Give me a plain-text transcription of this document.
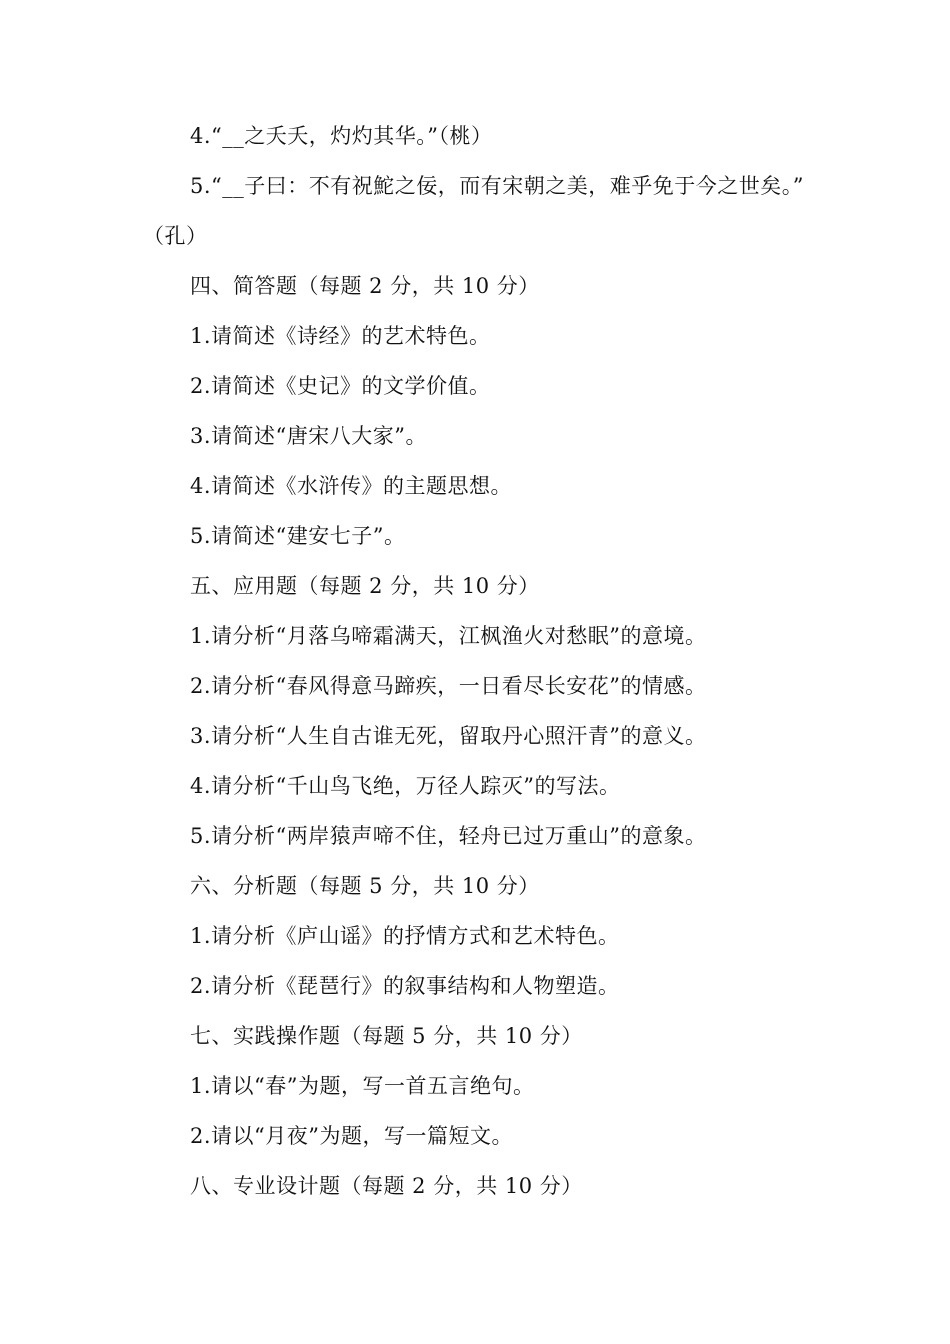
4.“__之夭夭，灼灼其华。”（桃）
5.“__子曰：不有祝鮀之佞，而有宋朝之美，难乎免于今之世矣。”
（孔）
四、简答题（每题 2 分，共 10 分）
1.请简述《诗经》的艺术特色。
2.请简述《史记》的文学价值。
3.请简述“唐宋八大家”。
4.请简述《水浒传》的主题思想。
5.请简述“建安七子”。
五、应用题（每题 2 分，共 10 分）
1.请分析“月落乌啼霜满天，江枫渔火对愁眠”的意境。
2.请分析“春风得意马蹄疾，一日看尽长安花”的情感。
3.请分析“人生自古谁无死，留取丹心照汗青”的意义。
4.请分析“千山鸟飞绝，万径人踪灭”的写法。
5.请分析“两岸猿声啼不住，轻舟已过万重山”的意象。
六、分析题（每题 5 分，共 10 分）
1.请分析《庐山谣》的抒情方式和艺术特色。
2.请分析《琵琶行》的叙事结构和人物塑造。
七、实践操作题（每题 5 分，共 10 分）
1.请以“春”为题，写一首五言绝句。
2.请以“月夜”为题，写一篇短文。
八、专业设计题（每题 2 分，共 10 分）
